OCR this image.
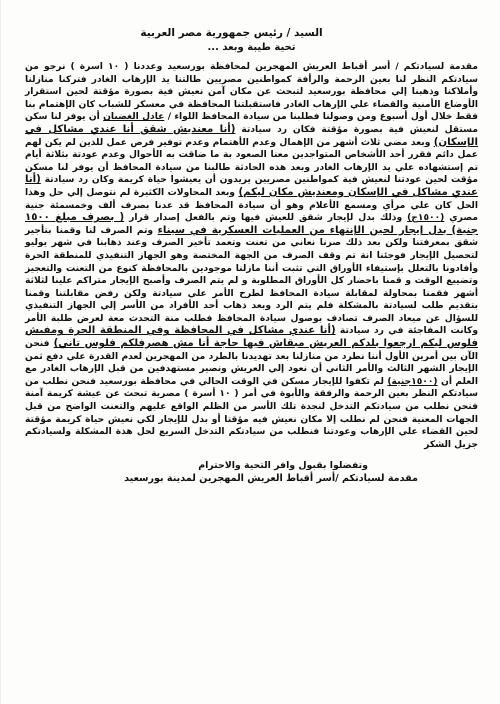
السيد / رئيس جمهورية مصر العربية
تحية طيبة وبعد ...

مقدمة لسيادتكم / أسر أقباط العريش المهجرين لمحافظة بورسعيد وعددنا ( ١٠ اسرة ) نرجو من سيادتكم النظر لنا بعين الرحمة والرأفة كمواطنين مصريين طالتنا يد الإرهاب الغادر فتركنا منازلنا وأملاكنا وذهبنا إلي محافظة بورسعيد لتبحث عن مكان آمن نعيش فية بصورة مؤقتة لحين استقرار الأوضاع الأمنية والقضاء علي الإرهاب الغادر فاستقبلتنا المحافظة في معسكر للشباب كان الإهتمام بنا فقط خلال أول أسبوع ومن وصولنا فطلبنا من سيادة المحافظ اللواء / عادل الغضبان أن يوفر لنا سكن مستقل لنعيش فية بصورة مؤقتة فكان رد سيادتة (أنا معنديش شقق أنا عندي مشاكل في الإسكان) وبعد مضي ثلاث أشهر من الإهمال وعدم الأهتمام وعدم توفير فرص عمل للذين لم يكن لهم عمل دائم فقرر أحد الأشخاص المتواجدين معنا الصعود بة ما ضاقت به الأحوال وعدم عودتة بثلاثة أيام تم إستشهاده علي يد الإرهاب الغادر وبعد هذه الحادثة طالبنا من سيادة المحافظ أن يوفر لنا مسكن مؤقت لحين عودتنا لنعيش فية كمواطنين مصريين يريدون أن يعيشوا حياة كريمة وكان رد سيادتة (أنا عندي مشاكل في الإسكان ومعنديش مكان ليكم) وبعد المحاولات الكثيرة لم نتوصل إلي حل وهذا الحل كان علي مرأي ومسمع الأعلام وهو أن سيادة المحافظ قد عدنا بصرف ألف وخمسمئة جنية مصري (١٥٠٠ج) وذلك بدل لإيجار شقق للعيش فيها وتم بالفعل إصدار قرار ( بصرف مبلغ ١٥٠٠ جنية) بدل إيجار لحين الإنتهاء من العمليات العسكرية في سيناء وتم الصرف لنا وقمنا بتأجير شقق بمعرفتنا ولكن بعد ذلك صرنا نعاني من تعنت وتعمد تأخير الصرف وعند ذهابنا في شهر يوليو لتحصيل الإيجار فوجئنا انة تم وقف الصرف من الجهة المختصة وهو الجهاز التنفيذي للمنطقة الحرة وأفادونا بالتعلل بإستيفاء الأوراق التي تثبت أننا مازلنا موجودين بالمحافظة كنوع من التعنت والتعجيز وتضييع الوقت و قمنا باحضار كل الأوراق المطلوبة و لم يتم الصرف وأصبح الإيجار متراكم علينا لثلاثة أشهر فقمنا بمحاولة لمقابلة سيادة المحافظ لطرح الأمر علي سيادتة ولكن رفض مقابلتنا وقمنا بتقديم طلب لسيادتة بالمشكلة فلم يتم الرد وبعد ذهاب أحد الأفراد من الأسر إلي الجهاز التنفيذي للسؤال عن ميعاد الصرف تصادف بوصول سيادة المحافظ فطلب منة التحدث معة لعرض طلبة الأمر وكانت المفاجئة في رد سيادتة (أنا عندي مشاكل في المحافظة وفي المنطقة الحرة ومفيش فلوس ليكم ارجعوا بلدكم العريش مبقاش فيها حاجة أنا مش هصرفلكم فلوس تاني) فنحن الآن بين أمرين الأول أننا نطرد من منازلنا بعد تهديدنا بالطرد من المهجرين لعدم القدرة علي دفع ثمن الإيجار الشهر الثالث والأمر الثاني أن نعود إلي العريش ونصير مستهدفين من قبل الإرهاب الغادر مع العلم أن (١٥٠٠جنية) لم تكفوا للإيجار مسكن في الوقت الحالي في محافظة بورسعيد فنحن نطلب من سيادتكم النظر بعين الرحمة والرفقة والأبوة في أمر ( ١٠ أسرة ) مصرية تبحث عن عيشة كريمة آمنة فنحن نطلب من سيادتكم التدخل لنجدة تلك الأسر من الظلم الواقع عليهم والتعنت الواضح من قبل الجهات المعنية فنحن لم نطلب إلا مكان نعيش فيه مؤقتا أو بدل للإيجار لكي نعيش حياة كريمة مؤقتة لحين القضاء علي الإرهاب وعودتنا فنطلب من سيادتكم التدخل السريع لحل هذة المشكلة ولسيادتكم جزيل الشكر

وتفضلوا بقبول وافر التحية والاحترام
مقدمة لسيادتكم /أسر أقباط العريش المهجرين لمدينة بورسعيد
